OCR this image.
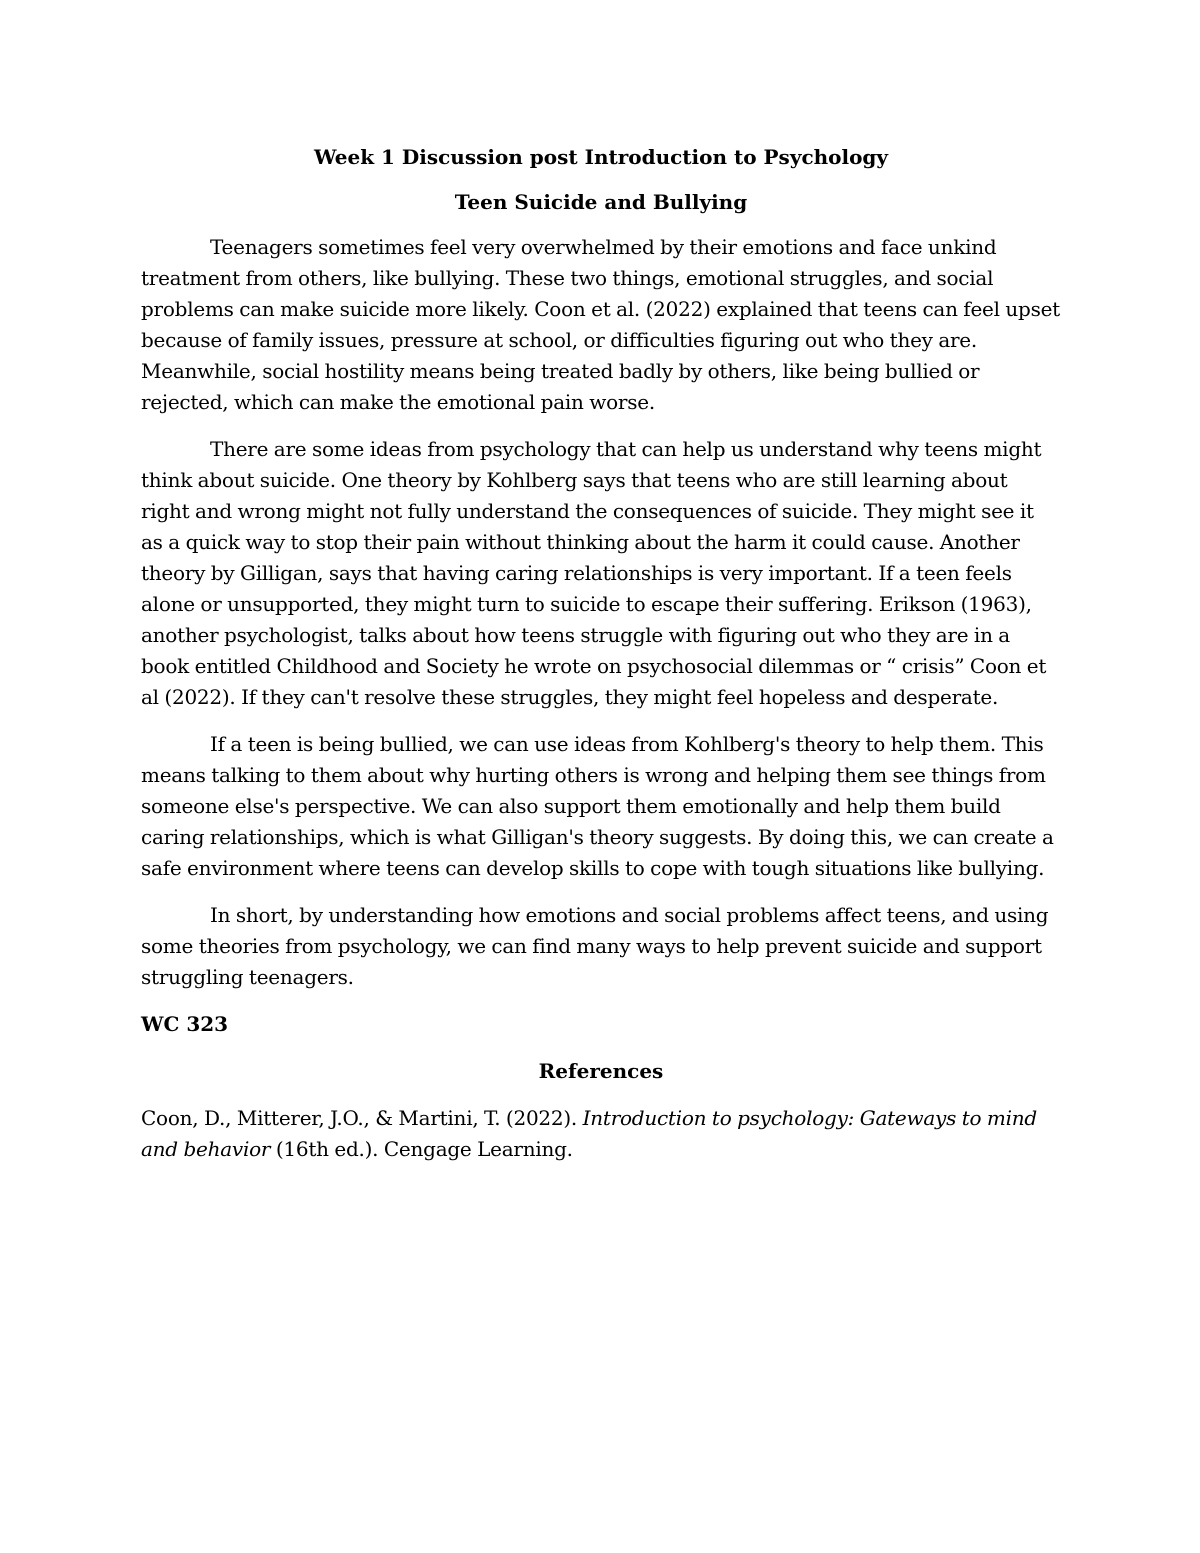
Week 1 Discussion post Introduction to Psychology

Teen Suicide and Bullying

Teenagers sometimes feel very overwhelmed by their emotions and face unkind treatment from others, like bullying. These two things, emotional struggles, and social problems can make suicide more likely. Coon et al. (2022) explained that teens can feel upset because of family issues, pressure at school, or difficulties figuring out who they are. Meanwhile, social hostility means being treated badly by others, like being bullied or rejected, which can make the emotional pain worse.

There are some ideas from psychology that can help us understand why teens might think about suicide. One theory by Kohlberg says that teens who are still learning about right and wrong might not fully understand the consequences of suicide. They might see it as a quick way to stop their pain without thinking about the harm it could cause. Another theory by Gilligan, says that having caring relationships is very important. If a teen feels alone or unsupported, they might turn to suicide to escape their suffering. Erikson (1963), another psychologist, talks about how teens struggle with figuring out who they are in a book entitled Childhood and Society he wrote on psychosocial dilemmas or “ crisis” Coon et al (2022). If they can't resolve these struggles, they might feel hopeless and desperate.

If a teen is being bullied, we can use ideas from Kohlberg's theory to help them. This means talking to them about why hurting others is wrong and helping them see things from someone else's perspective. We can also support them emotionally and help them build caring relationships, which is what Gilligan's theory suggests. By doing this, we can create a safe environment where teens can develop skills to cope with tough situations like bullying.

In short, by understanding how emotions and social problems affect teens, and using some theories from psychology, we can find many ways to help prevent suicide and support struggling teenagers.

WC 323

References

Coon, D., Mitterer, J.O., & Martini, T. (2022). Introduction to psychology: Gateways to mind and behavior (16th ed.). Cengage Learning.
